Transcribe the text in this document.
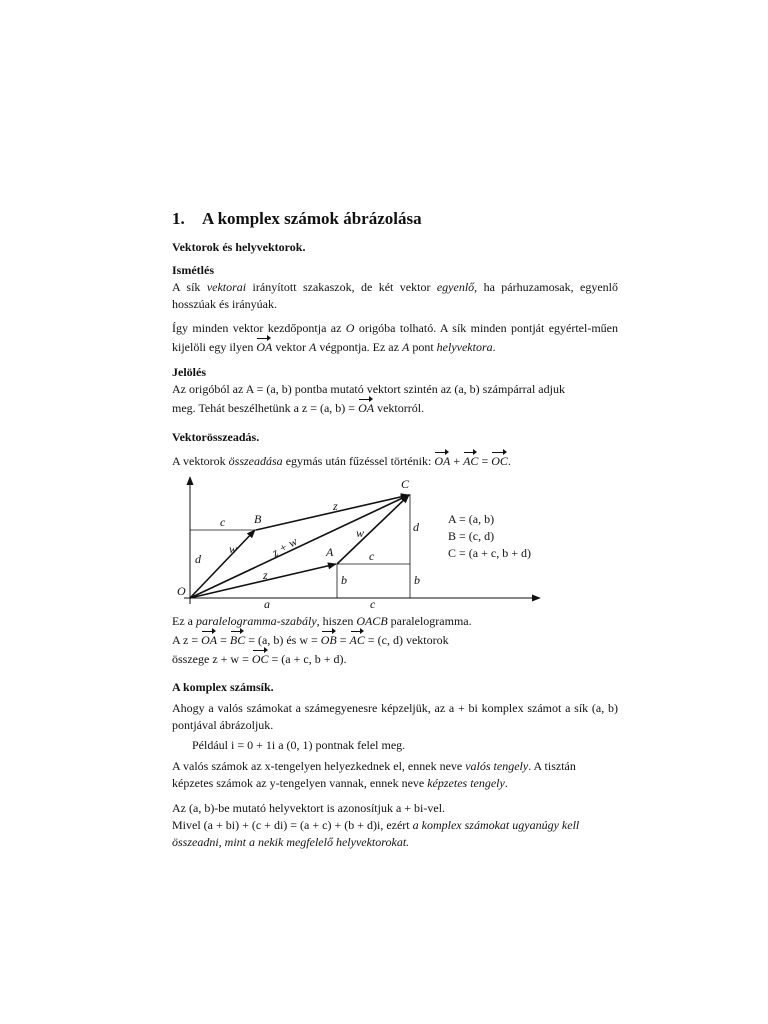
1. A komplex számok ábrázolása
Vektorok és helyvektorok.
Ismétlés
A sík vektorai irányított szakaszok, de két vektor egyenlő, ha párhuzamosak, egyenlő hosszúak és irányúak.
Így minden vektor kezdőpontja az O origóba tolható. A sík minden pontját egyértel-műen kijelöli egy ilyen OA vektor A végpontja. Ez az A pont helyvektora.
Jelölés
Az origóból az A = (a, b) pontba mutató vektort szintén az (a, b) számpárral adjuk
meg. Tehát beszélhetünk a z = (a, b) = OA vektorról.
Vektorösszeadás.
A vektorok összeadása egymás után fűzéssel történik: OA + AC = OC.
Ez a paralelogramma-szabály, hiszen OACB paralelogramma.
A z = OA = BC = (a, b) és w = OB = AC = (c, d) vektorok
összege z + w = OC = (a + c, b + d).
A komplex számsík.
Ahogy a valós számokat a számegyenesre képzeljük, az a + bi komplex számot a sík (a, b) pontjával ábrázoljuk.
Például i = 0 + 1i a (0, 1) pontnak felel meg.
A valós számok az x-tengelyen helyezkednek el, ennek neve valós tengely. A tisztán képzetes számok az y-tengelyen vannak, ennek neve képzetes tengely.
Az (a, b)-be mutató helyvektort is azonosítjuk a + bi-vel.
Mivel (a + bi) + (c + di) = (a + c) + (b + d)i, ezért a komplex számokat ugyanúgy kell összeadni, mint a nekik megfelelő helyvektorokat.
O
A
B
C
z
z
w
w
z + w
c
c
d
d
b	b
a	c
A = (a, b)
B = (c, d)
C = (a + c, b + d)
